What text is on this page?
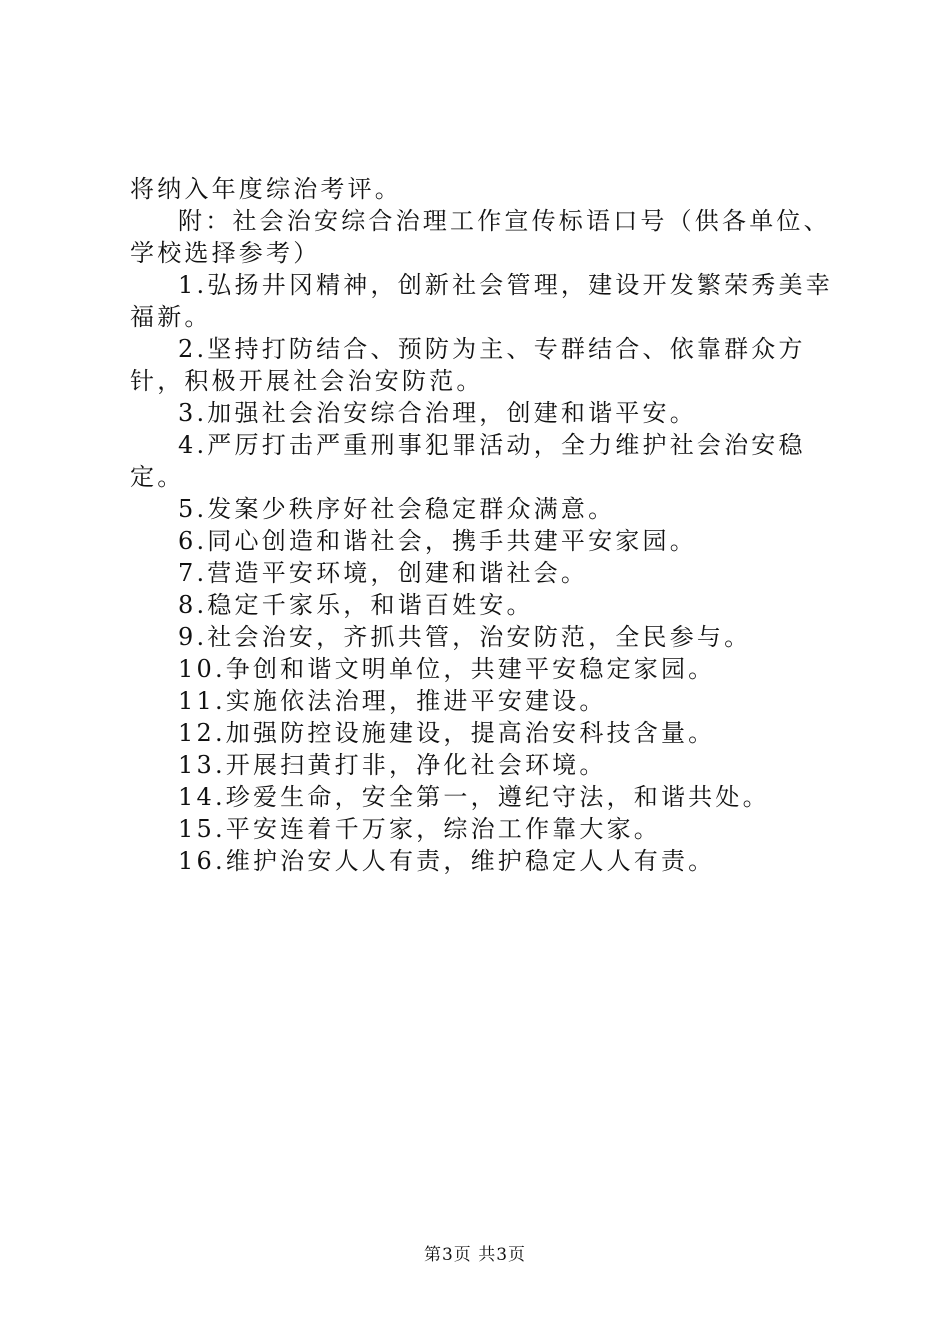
将纳入年度综治考评。

附：社会治安综合治理工作宣传标语口号（供各单位、学校选择参考）

1.弘扬井冈精神，创新社会管理，建设开发繁荣秀美幸福新。
2.坚持打防结合、预防为主、专群结合、依靠群众方针，积极开展社会治安防范。
3.加强社会治安综合治理，创建和谐平安。
4.严厉打击严重刑事犯罪活动，全力维护社会治安稳定。
5.发案少秩序好社会稳定群众满意。
6.同心创造和谐社会，携手共建平安家园。
7.营造平安环境，创建和谐社会。
8.稳定千家乐，和谐百姓安。
9.社会治安，齐抓共管，治安防范，全民参与。
10.争创和谐文明单位，共建平安稳定家园。
11.实施依法治理，推进平安建设。
12.加强防控设施建设，提高治安科技含量。
13.开展扫黄打非，净化社会环境。
14.珍爱生命，安全第一，遵纪守法，和谐共处。
15.平安连着千万家，综治工作靠大家。
16.维护治安人人有责，维护稳定人人有责。
第3页 共3页
